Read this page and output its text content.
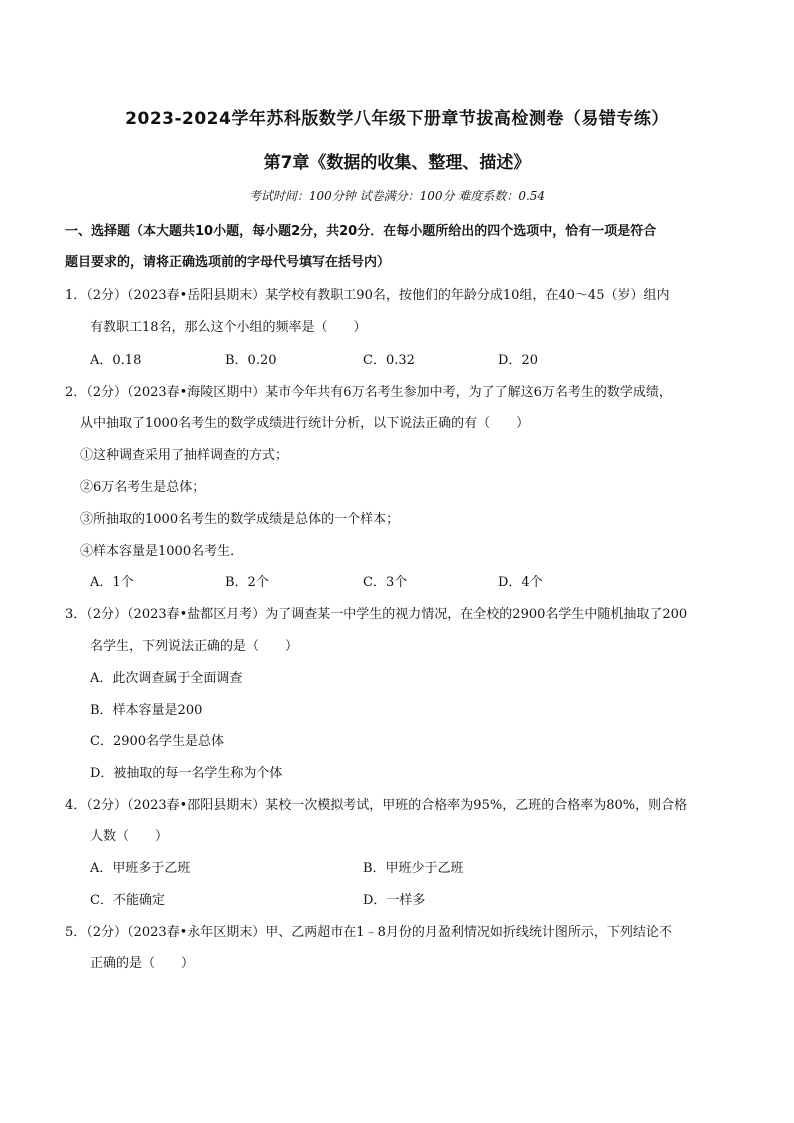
2023-2024学年苏科版数学八年级下册章节拔高检测卷（易错专练）
第7章《数据的收集、整理、描述》
考试时间：100分钟 试卷满分：100分 难度系数：0.54
一、选择题（本大题共10小题，每小题2分，共20分．在每小题所给出的四个选项中，恰有一项是符合
题目要求的，请将正确选项前的字母代号填写在括号内）
1．（2分）（2023春•岳阳县期末）某学校有教职工90名，按他们的年龄分成10组，在40～45（岁）组内
有教职工18名，那么这个小组的频率是（　　）
A．0.18	B．0.20	C．0.32	D．20
2．（2分）（2023春•海陵区期中）某市今年共有6万名考生参加中考，为了了解这6万名考生的数学成绩，
从中抽取了1000名考生的数学成绩进行统计分析，以下说法正确的有（　　）
①这种调查采用了抽样调查的方式；
②6万名考生是总体；
③所抽取的1000名考生的数学成绩是总体的一个样本；
④样本容量是1000名考生．
A．1个	B．2个	C．3个	D．4个
3．（2分）（2023春•盐都区月考）为了调查某一中学生的视力情况，在全校的2900名学生中随机抽取了200
名学生，下列说法正确的是（　　）
A．此次调查属于全面调查
B．样本容量是200
C．2900名学生是总体
D．被抽取的每一名学生称为个体
4．（2分）（2023春•邵阳县期末）某校一次模拟考试，甲班的合格率为95%，乙班的合格率为80%，则合格
人数（　　）
A．甲班多于乙班	B．甲班少于乙班
C．不能确定	D．一样多
5．（2分）（2023春•永年区期末）甲、乙两超市在1﹣8月份的月盈利情况如折线统计图所示，下列结论不
正确的是（　　）
